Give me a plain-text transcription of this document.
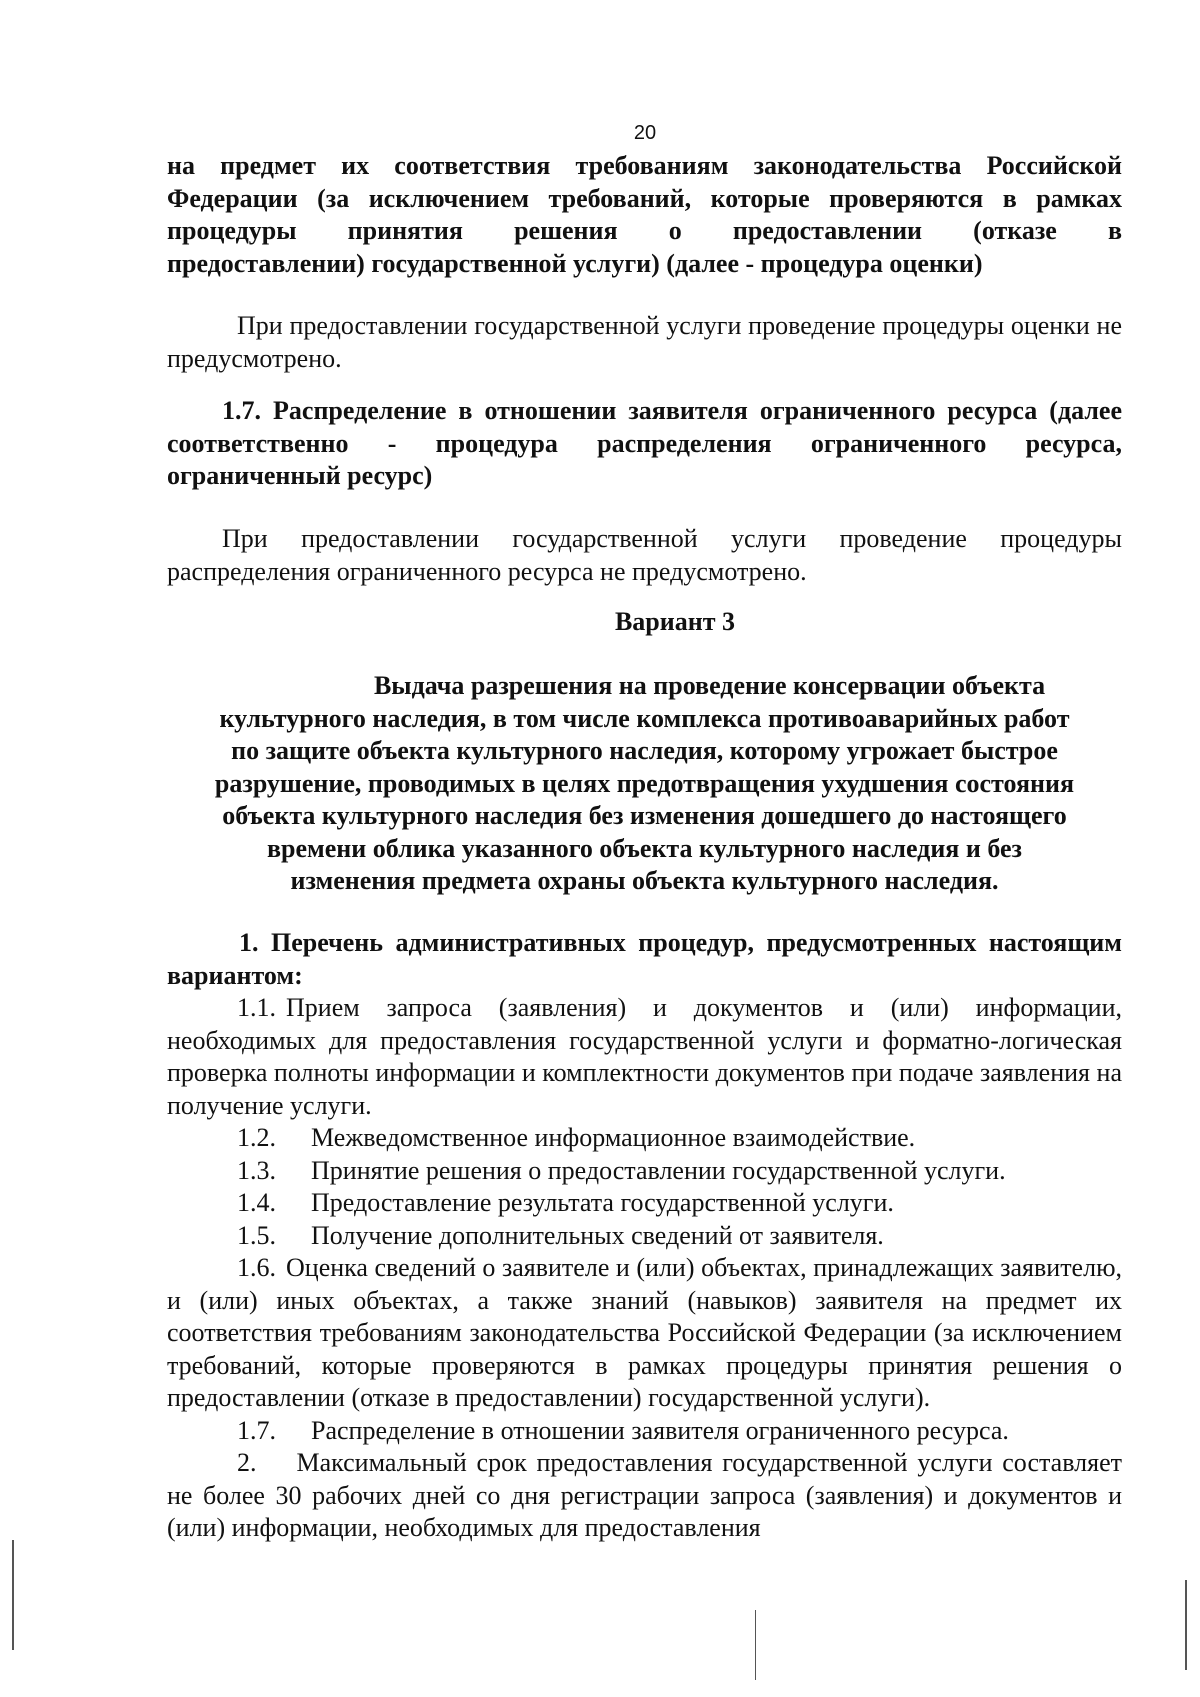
20
на предмет их соответствия требованиям законодательства Российской
Федерации (за исключением требований, которые проверяются в рамках
процедуры принятия решения о предоставлении (отказе в
предоставлении) государственной услуги) (далее - процедура оценки)

При предоставлении государственной услуги проведение процедуры оценки не предусмотрено.

1.7. Распределение в отношении заявителя ограниченного ресурса (далее соответственно - процедура распределения ограниченного ресурса, ограниченный ресурс)

При предоставлении государственной услуги проведение процедуры распределения ограниченного ресурса не предусмотрено.

Вариант 3
Выдача разрешения на проведение консервации объекта
культурного наследия, в том числе комплекса противоаварийных работ
по защите объекта культурного наследия, которому угрожает быстрое
разрушение, проводимых в целях предотвращения ухудшения состояния
объекта культурного наследия без изменения дошедшего до настоящего
времени облика указанного объекта культурного наследия и без
изменения предмета охраны объекта культурного наследия.

1. Перечень административных процедур, предусмотренных настоящим вариантом:

1.1. Прием запроса (заявления) и документов и (или) информации, необходимых для предоставления государственной услуги и форматно-логическая проверка полноты информации и комплектности документов при подаче заявления на получение услуги.
1.2. Межведомственное информационное взаимодействие.
1.3. Принятие решения о предоставлении государственной услуги.
1.4. Предоставление результата государственной услуги.
1.5. Получение дополнительных сведений от заявителя.
1.6. Оценка сведений о заявителе и (или) объектах, принадлежащих заявителю, и (или) иных объектах, а также знаний (навыков) заявителя на предмет их соответствия требованиям законодательства Российской Федерации (за исключением требований, которые проверяются в рамках процедуры принятия решения о предоставлении (отказе в предоставлении) государственной услуги).
1.7. Распределение в отношении заявителя ограниченного ресурса.
2. Максимальный срок предоставления государственной услуги составляет не более 30 рабочих дней со дня регистрации запроса (заявления) и документов и (или) информации, необходимых для предоставления
